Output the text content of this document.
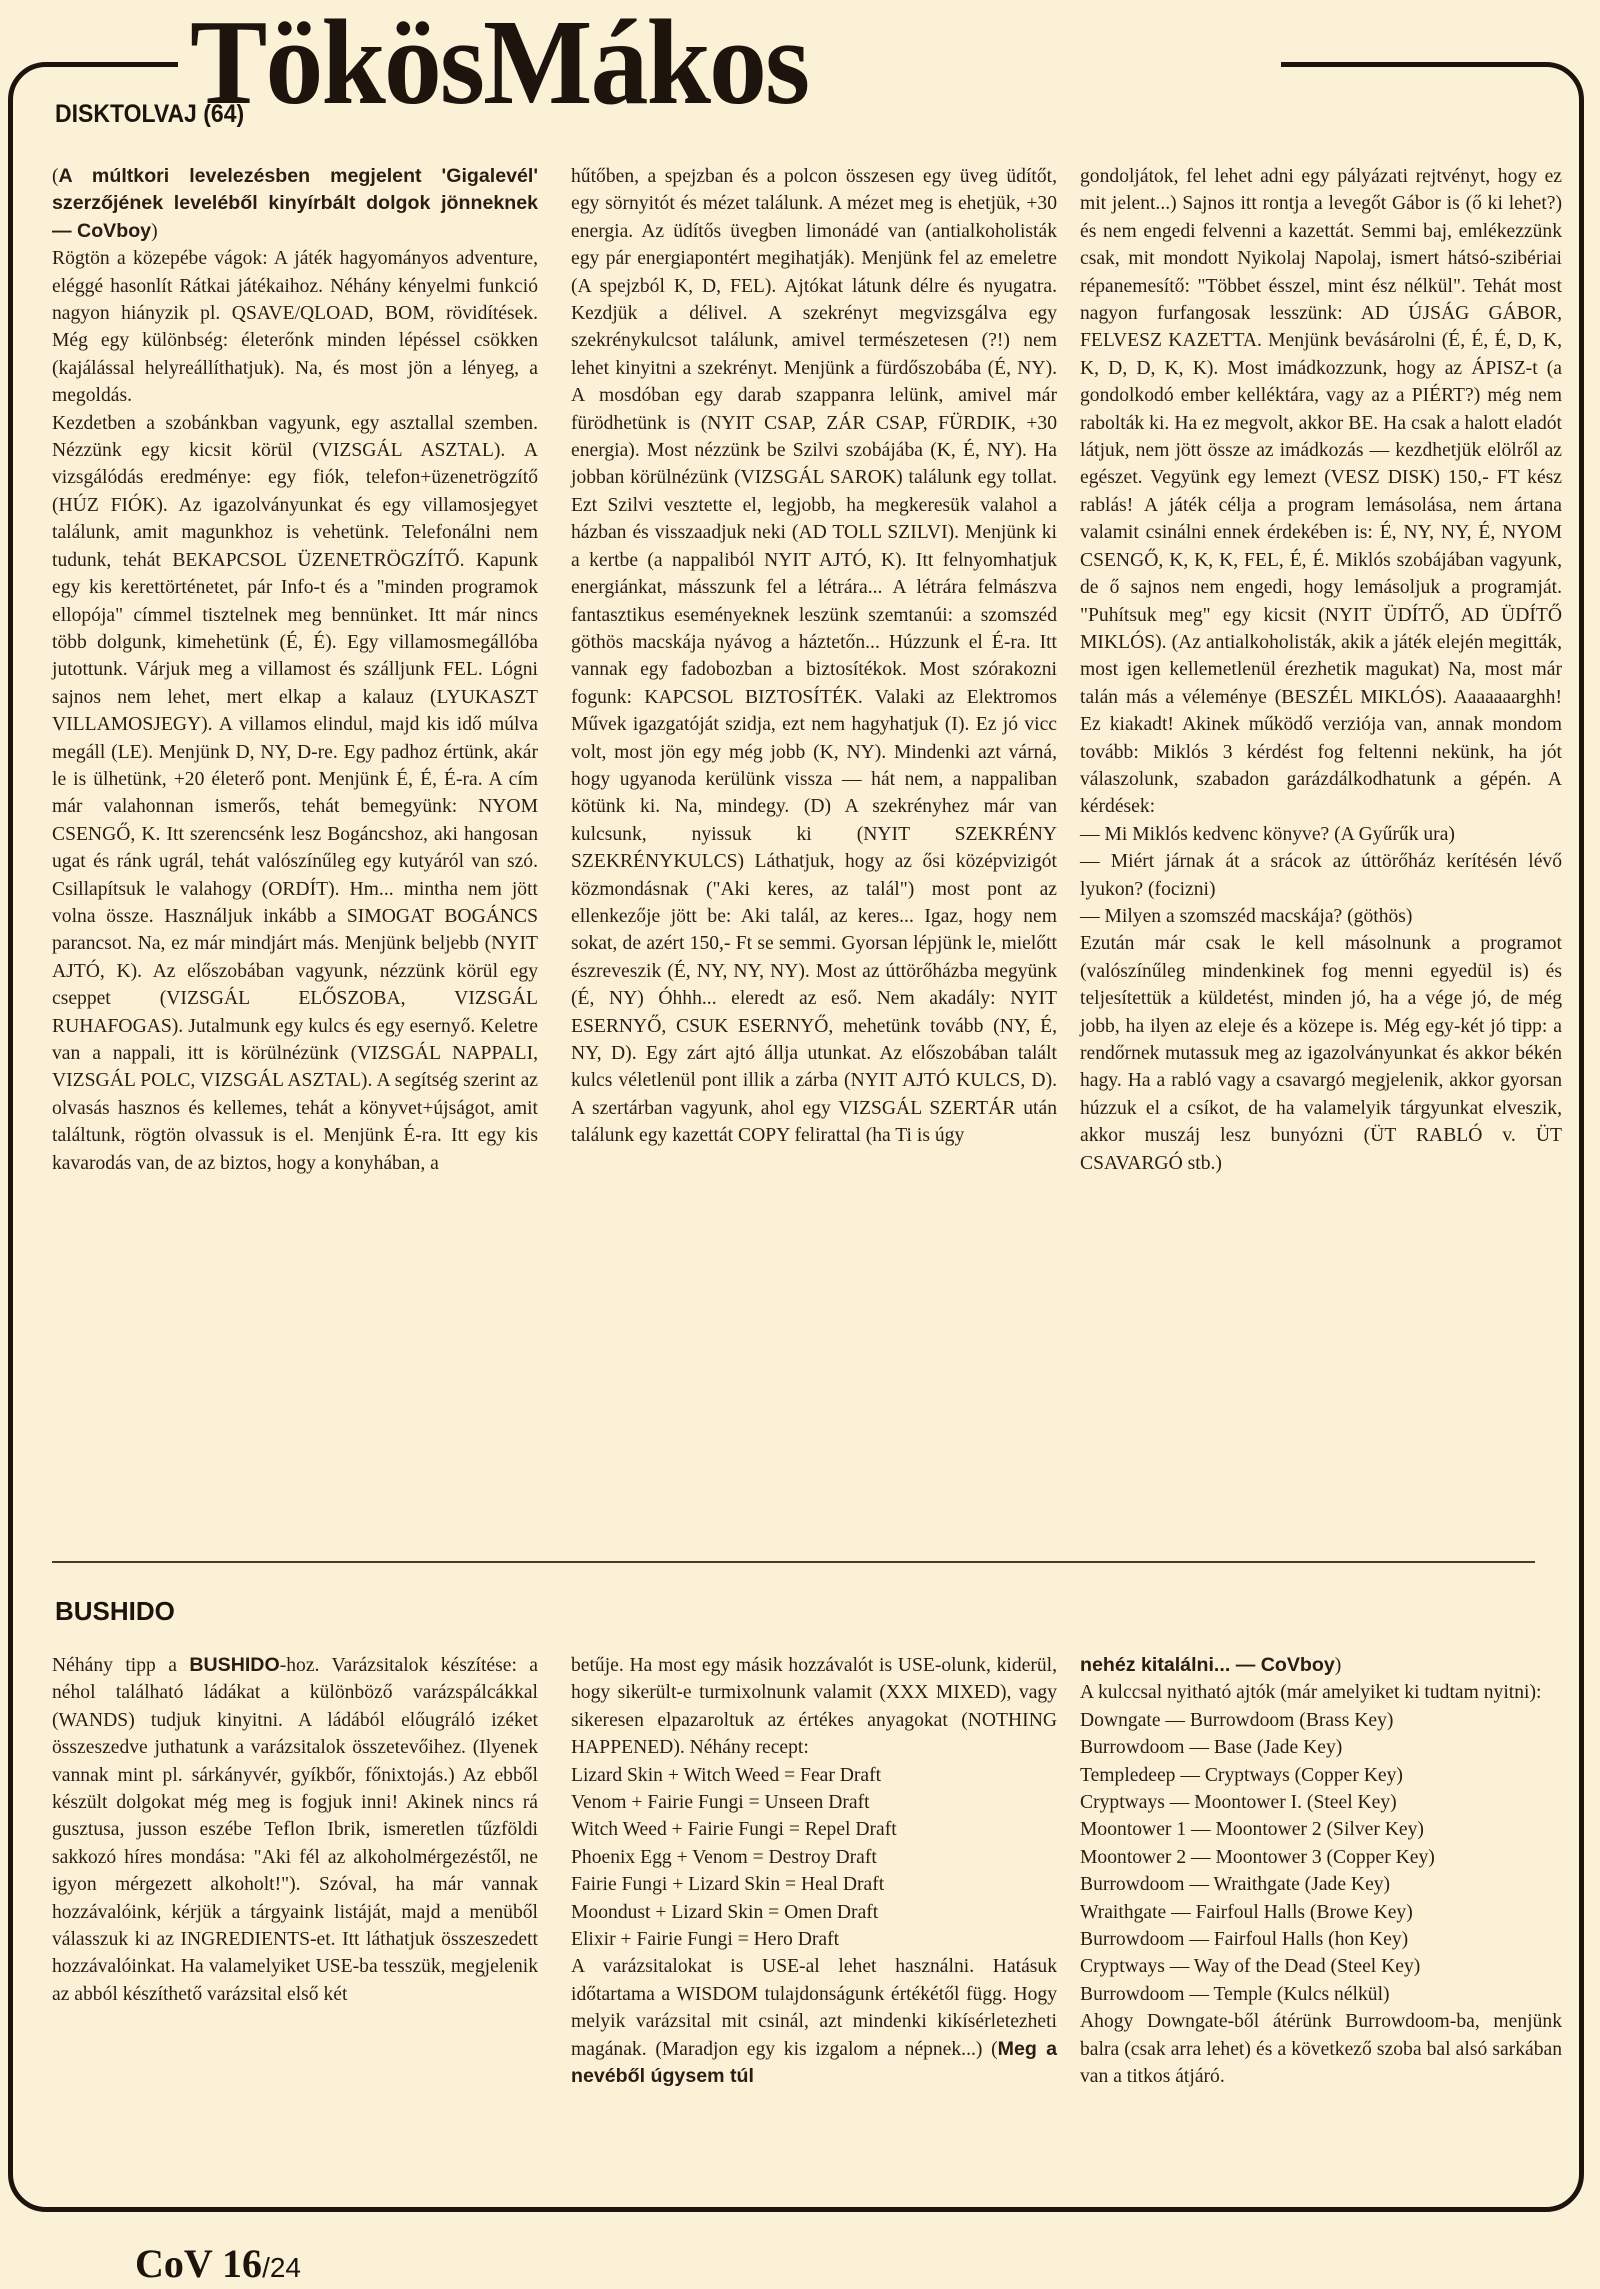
TökösMákos
DISKTOLVAJ (64)

(A múltkori levelezésben megjelent 'Gigalevél' szerzőjének leveléből kinyírbált dolgok jönneknek — CoVboy)

Rögtön a közepébe vágok: A játék hagyományos adventure, eléggé hasonlít Rátkai játékaihoz. Néhány kényelmi funkció nagyon hiányzik pl. QSAVE/QLOAD, BOM, rövidítések. Még egy különbség: életerőnk minden lépéssel csökken (kajálással helyreállíthatjuk). Na, és most jön a lényeg, a megoldás.

Kezdetben a szobánkban vagyunk, egy asztallal szemben. Nézzünk egy kicsit körül (VIZSGÁL ASZTAL). A vizsgálódás eredménye: egy fiók, telefon+üzenetrögzítő (HÚZ FIÓK). Az igazolványunkat és egy villamosjegyet találunk, amit magunkhoz is vehetünk. Telefonálni nem tudunk, tehát BEKAPCSOL ÜZENETRÖGZÍTŐ. Kapunk egy kis kerettörténetet, pár Info-t és a "minden programok ellopója" címmel tisztelnek meg bennünket. Itt már nincs több dolgunk, kimehetünk (É, É). Egy villamosmegállóba jutottunk. Várjuk meg a villamost és szálljunk FEL. Lógni sajnos nem lehet, mert elkap a kalauz (LYUKASZT VILLAMOSJEGY). A villamos elindul, majd kis idő múlva megáll (LE). Menjünk D, NY, D-re. Egy padhoz értünk, akár le is ülhetünk, +20 életerő pont. Menjünk É, É, É-ra. A cím már valahonnan ismerős, tehát bemegyünk: NYOM CSENGŐ, K. Itt szerencsénk lesz Bogáncshoz, aki hangosan ugat és ránk ugrál, tehát valószínűleg egy kutyáról van szó. Csillapítsuk le valahogy (ORDÍT). Hm... mintha nem jött volna össze. Használjuk inkább a SIMOGAT BOGÁNCS parancsot. Na, ez már mindjárt más. Menjünk beljebb (NYIT AJTÓ, K). Az előszobában vagyunk, nézzünk körül egy cseppet (VIZSGÁL ELŐSZOBA, VIZSGÁL RUHAFOGAS). Jutalmunk egy kulcs és egy esernyő. Keletre van a nappali, itt is körülnézünk (VIZSGÁL NAPPALI, VIZSGÁL POLC, VIZSGÁL ASZTAL). A segítség szerint az olvasás hasznos és kellemes, tehát a könyvet+újságot, amit találtunk, rögtön olvassuk is el. Menjünk É-ra. Itt egy kis kavarodás van, de az biztos, hogy a konyhában, a

hűtőben, a spejzban és a polcon összesen egy üveg üdítőt, egy sörnyitót és mézet találunk. A mézet meg is ehetjük, +30 energia. Az üdítős üvegben limonádé van (antialkoholisták egy pár energiapontért megihatják). Menjünk fel az emeletre (A spejzból K, D, FEL). Ajtókat látunk délre és nyugatra. Kezdjük a délivel. A szekrényt megvizsgálva egy szekrénykulcsot találunk, amivel természetesen (?!) nem lehet kinyitni a szekrényt. Menjünk a fürdőszobába (É, NY). A mosdóban egy darab szappanra lelünk, amivel már fürödhetünk is (NYIT CSAP, ZÁR CSAP, FÜRDIK, +30 energia). Most nézzünk be Szilvi szobájába (K, É, NY). Ha jobban körülnézünk (VIZSGÁL SAROK) találunk egy tollat. Ezt Szilvi vesztette el, legjobb, ha megkeresük valahol a házban és visszaadjuk neki (AD TOLL SZILVI). Menjünk ki a kertbe (a nappaliból NYIT AJTÓ, K). Itt felnyomhatjuk energiánkat, másszunk fel a létrára... A létrára felmászva fantasztikus eseményeknek leszünk szemtanúi: a szomszéd göthös macskája nyávog a háztetőn... Húzzunk el É-ra. Itt vannak egy fadobozban a biztosítékok. Most szórakozni fogunk: KAPCSOL BIZTOSÍTÉK. Valaki az Elektromos Művek igazgatóját szidja, ezt nem hagyhatjuk (I). Ez jó vicc volt, most jön egy még jobb (K, NY). Mindenki azt várná, hogy ugyanoda kerülünk vissza — hát nem, a nappaliban kötünk ki. Na, mindegy. (D) A szekrényhez már van kulcsunk, nyissuk ki (NYIT SZEKRÉNY SZEKRÉNYKULCS) Láthatjuk, hogy az ősi középvizigót közmondásnak ("Aki keres, az talál") most pont az ellenkezője jött be: Aki talál, az keres... Igaz, hogy nem sokat, de azért 150,- Ft se semmi. Gyorsan lépjünk le, mielőtt észreveszik (É, NY, NY, NY). Most az úttörőházba megyünk (É, NY) Óhhh... eleredt az eső. Nem akadály: NYIT ESERNYŐ, CSUK ESERNYŐ, mehetünk tovább (NY, É, NY, D). Egy zárt ajtó állja utunkat. Az előszobában talált kulcs véletlenül pont illik a zárba (NYIT AJTÓ KULCS, D). A szertárban vagyunk, ahol egy VIZSGÁL SZERTÁR után találunk egy kazettát COPY felirattal (ha Ti is úgy

gondoljátok, fel lehet adni egy pályázati rejtvényt, hogy ez mit jelent...) Sajnos itt rontja a levegőt Gábor is (ő ki lehet?) és nem engedi felvenni a kazettát. Semmi baj, emlékezzünk csak, mit mondott Nyikolaj Napolaj, ismert hátsó-szibériai répanemesítő: "Többet ésszel, mint ész nélkül". Tehát most nagyon furfangosak lesszünk: AD ÚJSÁG GÁBOR, FELVESZ KAZETTA. Menjünk bevásárolni (É, É, É, D, K, K, D, D, K, K). Most imádkozzunk, hogy az ÁPISZ-t (a gondolkodó ember kelléktára, vagy az a PIÉRT?) még nem rabolták ki. Ha ez megvolt, akkor BE. Ha csak a halott eladót látjuk, nem jött össze az imádkozás — kezdhetjük elölről az egészet. Vegyünk egy lemezt (VESZ DISK) 150,- FT kész rablás! A játék célja a program lemásolása, nem ártana valamit csinálni ennek érdekében is: É, NY, NY, É, NYOM CSENGŐ, K, K, K, FEL, É, É. Miklós szobájában vagyunk, de ő sajnos nem engedi, hogy lemásoljuk a programját. "Puhítsuk meg" egy kicsit (NYIT ÜDÍTŐ, AD ÜDÍTŐ MIKLÓS). (Az antialkoholisták, akik a játék elején megitták, most igen kellemetlenül érezhetik magukat) Na, most már talán más a véleménye (BESZÉL MIKLÓS). Aaaaaaarghh! Ez kiakadt! Akinek működő verziója van, annak mondom tovább: Miklós 3 kérdést fog feltenni nekünk, ha jót válaszolunk, szabadon garázdálkodhatunk a gépén. A kérdések:

— Mi Miklós kedvenc könyve? (A Gyűrűk ura)

— Miért járnak át a srácok az úttörőház kerítésén lévő lyukon? (focizni)

— Milyen a szomszéd macskája? (göthös)

Ezután már csak le kell másolnunk a programot (valószínűleg mindenkinek fog menni egyedül is) és teljesítettük a küldetést, minden jó, ha a vége jó, de még jobb, ha ilyen az eleje és a közepe is. Még egy-két jó tipp: a rendőrnek mutassuk meg az igazolványunkat és akkor békén hagy. Ha a rabló vagy a csavargó megjelenik, akkor gyorsan húzzuk el a csíkot, de ha valamelyik tárgyunkat elveszik, akkor muszáj lesz bunyózni (ÜT RABLÓ v. ÜT CSAVARGÓ stb.)

BUSHIDO

Néhány tipp a BUSHIDO-hoz. Varázsitalok készítése: a néhol található ládákat a különböző varázspálcákkal (WANDS) tudjuk kinyitni. A ládából előugráló izéket összeszedve juthatunk a varázsitalok összetevőihez. (Ilyenek vannak mint pl. sárkányvér, gyíkbőr, főnixtojás.) Az ebből készült dolgokat még meg is fogjuk inni! Akinek nincs rá gusztusa, jusson eszébe Teflon Ibrik, ismeretlen tűzföldi sakkozó híres mondása: "Aki fél az alkoholmérgezéstől, ne igyon mérgezett alkoholt!"). Szóval, ha már vannak hozzávalóink, kérjük a tárgyaink listáját, majd a menüből válasszuk ki az INGREDIENTS-et. Itt láthatjuk összeszedett hozzávalóinkat. Ha valamelyiket USE-ba tesszük, megjelenik az abból készíthető varázsital első két

betűje. Ha most egy másik hozzávalót is USE-olunk, kiderül, hogy sikerült-e turmixolnunk valamit (XXX MIXED), vagy sikeresen elpazaroltuk az értékes anyagokat (NOTHING HAPPENED). Néhány recept:

Lizard Skin + Witch Weed = Fear Draft

Venom + Fairie Fungi = Unseen Draft

Witch Weed + Fairie Fungi = Repel Draft

Phoenix Egg + Venom = Destroy Draft

Fairie Fungi + Lizard Skin = Heal Draft

Moondust + Lizard Skin = Omen Draft

Elixir + Fairie Fungi = Hero Draft

A varázsitalokat is USE-al lehet használni. Hatásuk időtartama a WISDOM tulajdonságunk értékétől függ. Hogy melyik varázsital mit csinál, azt mindenki kikísérletezheti magának. (Maradjon egy kis izgalom a népnek...) (Meg a nevéből úgysem túl

nehéz kitalálni... — CoVboy)

A kulccsal nyitható ajtók (már amelyiket ki tudtam nyitni):

Downgate — Burrowdoom (Brass Key)

Burrowdoom — Base (Jade Key)

Templedeep — Cryptways (Copper Key)

Cryptways — Moontower I. (Steel Key)

Moontower 1 — Moontower 2 (Silver Key)

Moontower 2 — Moontower 3 (Copper Key)

Burrowdoom — Wraithgate (Jade Key)

Wraithgate — Fairfoul Halls (Browe Key)

Burrowdoom — Fairfoul Halls (hon Key)

Cryptways — Way of the Dead (Steel Key)

Burrowdoom — Temple (Kulcs nélkül)

Ahogy Downgate-ből átérünk Burrowdoom-ba, menjünk balra (csak arra lehet) és a következő szoba bal alsó sarkában van a titkos átjáró.

CoV 16/24
